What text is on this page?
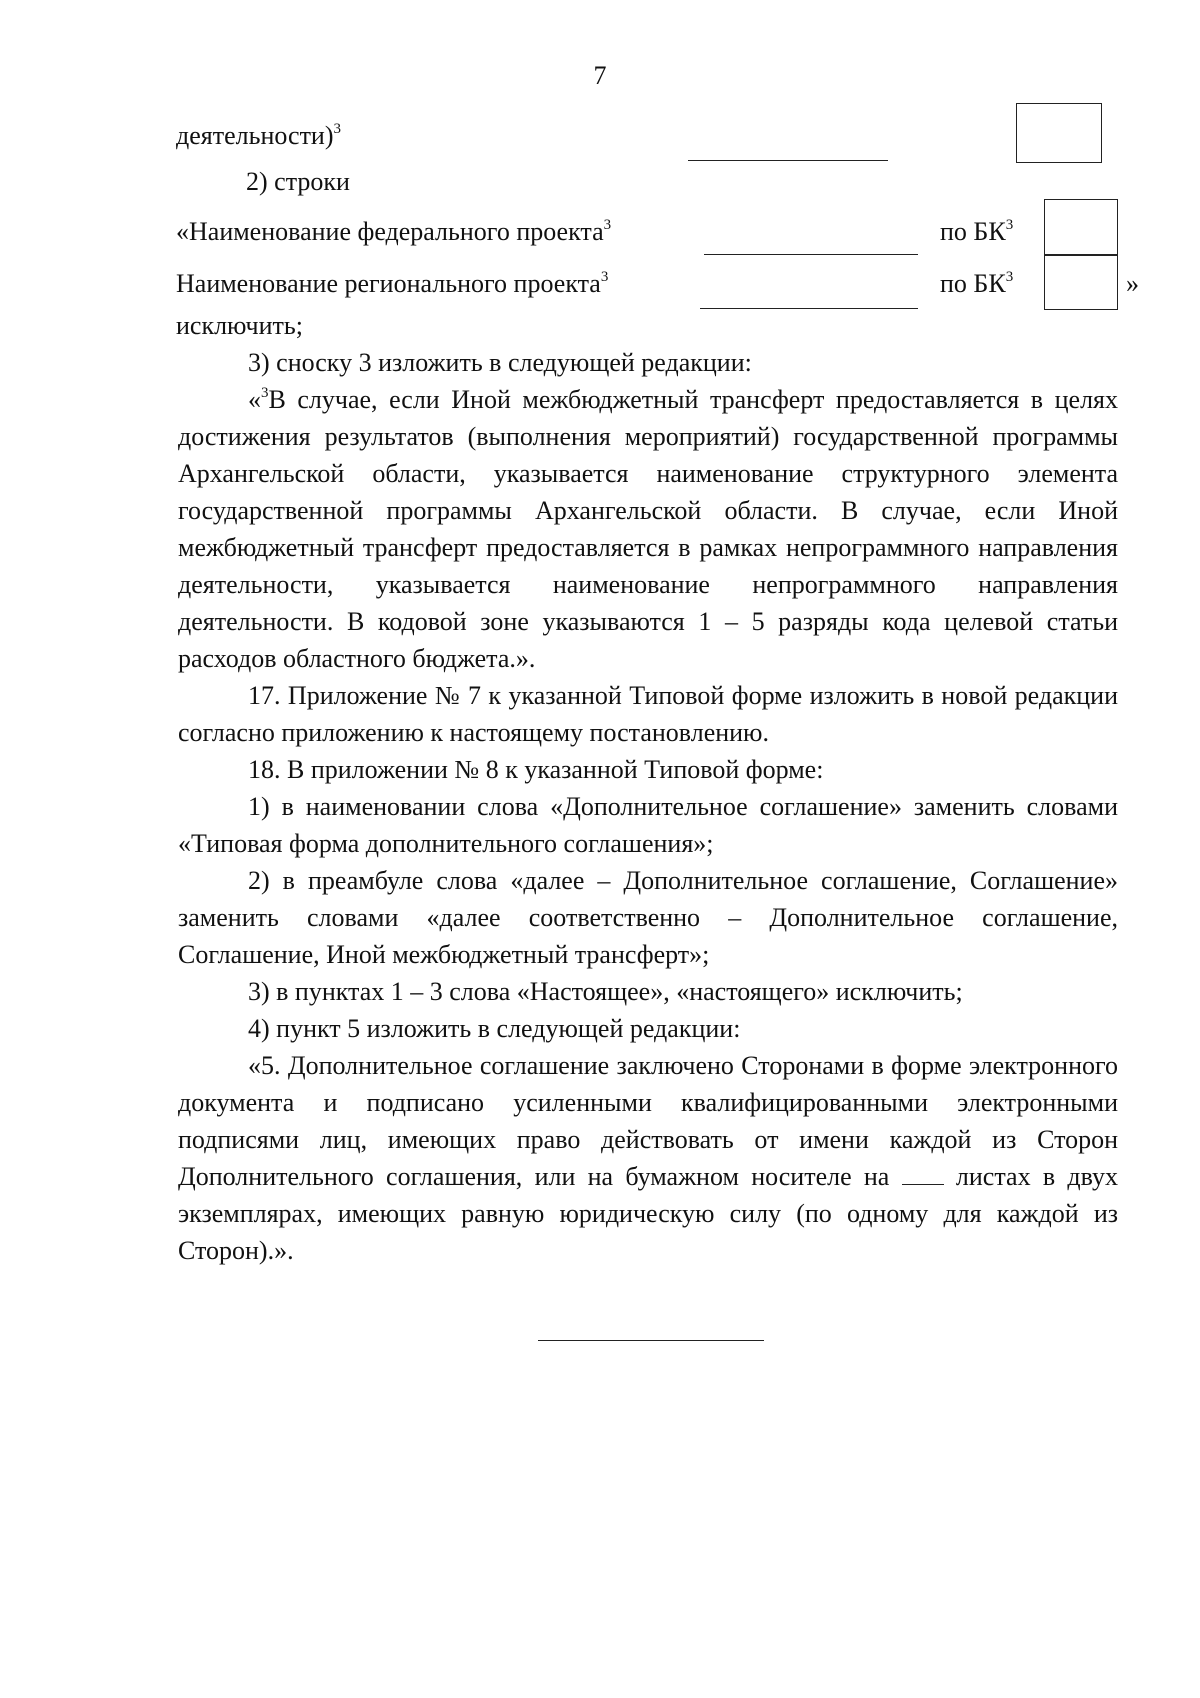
7
деятельности)$^3$
2) строки
«Наименование федерального проекта$^3$	по $БК^3$
Наименование регионального проекта$^3$	по $БК^3$	»
исключить;

3) сноску 3 изложить в следующей редакции:

«$^3$В случае, если Иной межбюджетный трансферт предоставляется в целях достижения результатов (выполнения мероприятий) государственной программы Архангельской области, указывается наименование структурного элемента государственной программы Архангельской области. В случае, если Иной межбюджетный трансферт предоставляется в рамках непрограммного направления деятельности, указывается наименование непрограммного направления деятельности. В кодовой зоне указываются 1 – 5 разряды кода целевой статьи расходов областного бюджета.».

17. Приложение № 7 к указанной Типовой форме изложить в новой редакции согласно приложению к настоящему постановлению.

18. В приложении № 8 к указанной Типовой форме:

1) в наименовании слова «Дополнительное соглашение» заменить словами «Типовая форма дополнительного соглашения»;

2) в преамбуле слова «далее – Дополнительное соглашение, Соглашение» заменить словами «далее соответственно – Дополнительное соглашение, Соглашение, Иной межбюджетный трансферт»;

3) в пунктах 1 – 3 слова «Настоящее», «настоящего» исключить;

4) пункт 5 изложить в следующей редакции:

«5. Дополнительное соглашение заключено Сторонами в форме электронного документа и подписано усиленными квалифицированными электронными подписями лиц, имеющих право действовать от имени каждой из Сторон Дополнительного соглашения, или на бумажном носителе на	листах в двух экземплярах, имеющих равную юридическую силу (по одному для каждой из Сторон).».
